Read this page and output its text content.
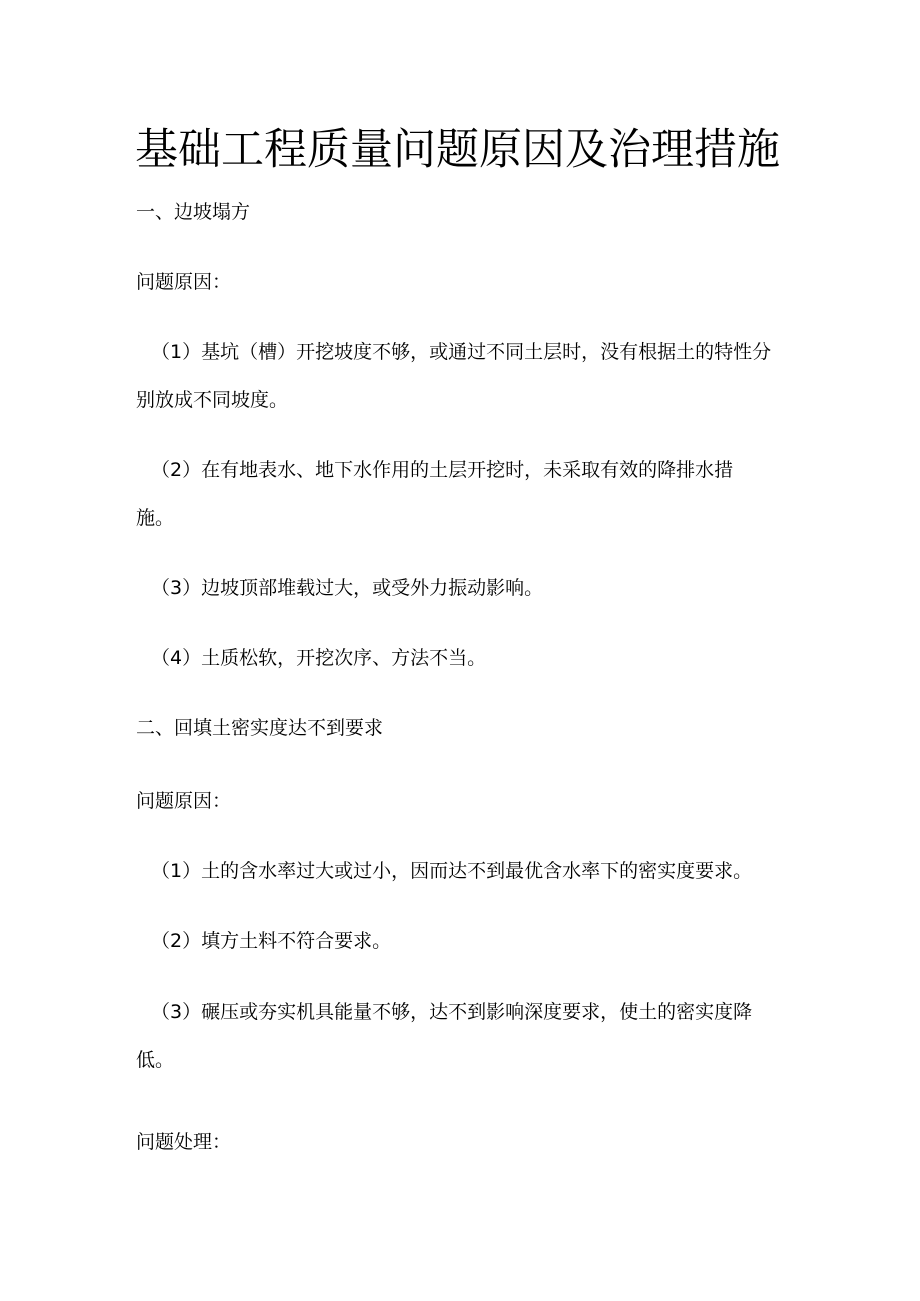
基础工程质量问题原因及治理措施
一、边坡塌方
问题原因：
（1）基坑（槽）开挖坡度不够，或通过不同土层时，没有根据土的特性分
别放成不同坡度。
（2）在有地表水、地下水作用的土层开挖时，未采取有效的降排水措
施。
（3）边坡顶部堆载过大，或受外力振动影响。
（4）土质松软，开挖次序、方法不当。
二、回填土密实度达不到要求
问题原因：
（1）土的含水率过大或过小，因而达不到最优含水率下的密实度要求。
（2）填方土料不符合要求。
（3）碾压或夯实机具能量不够，达不到影响深度要求，使土的密实度降
低。
问题处理：
